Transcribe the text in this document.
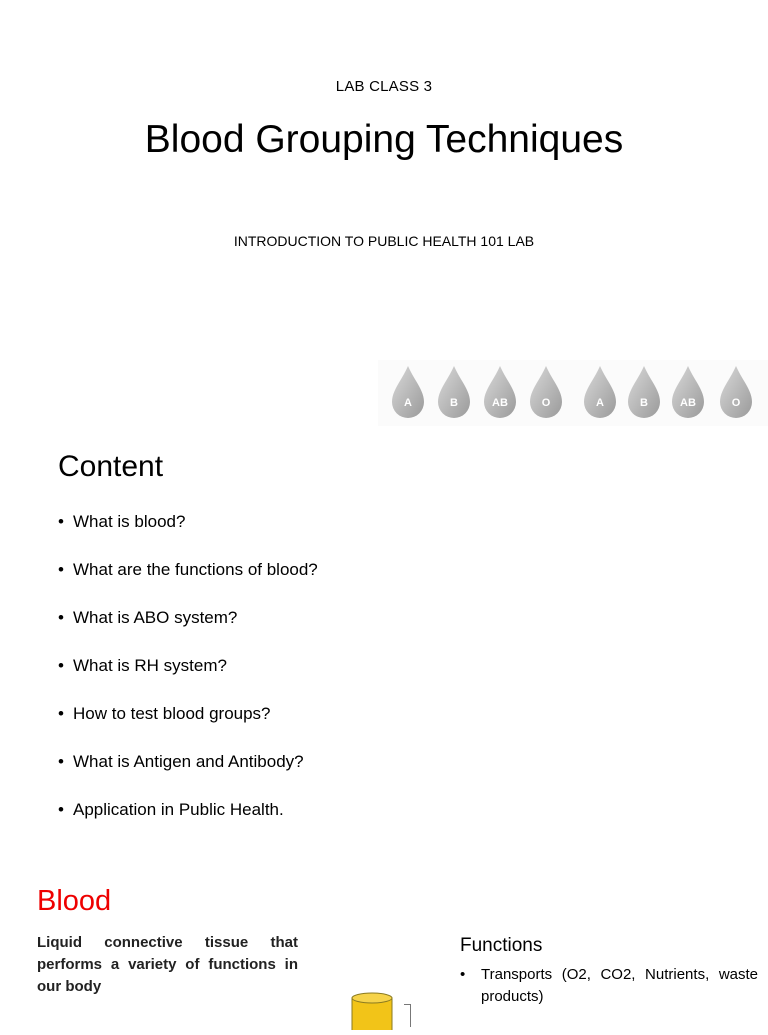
LAB CLASS 3
Blood Grouping Techniques
INTRODUCTION TO PUBLIC HEALTH 101 LAB
A	B	AB	O	A	B	AB	O
Content
• What is blood?
• What are the functions of blood?
• What is ABO system?
• What is RH system?
• How to test blood groups?
• What is Antigen and Antibody?
• Application in Public Health.
Blood
Liquid connective tissue that performs a variety of functions in our body
Functions
• Transports (O2, CO2, Nutrients, waste products)
